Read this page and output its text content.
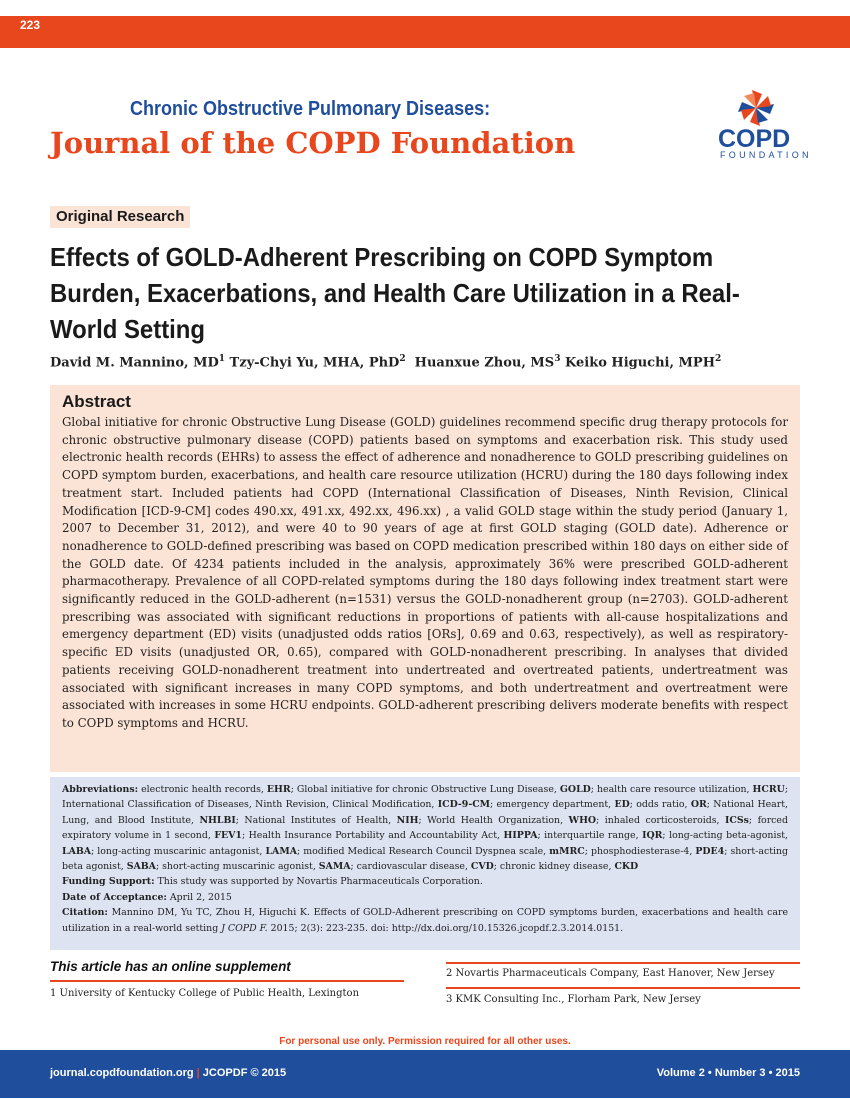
223
Chronic Obstructive Pulmonary Diseases:
Journal of the COPD Foundation	COPD
FOUNDATION
Original Research
Effects of GOLD-Adherent Prescribing on COPD Symptom Burden, Exacerbations, and Health Care Utilization in a Real-World Setting
David M. Mannino, $MD^1$ Tzy-Chyi Yu, MHA, PhD$^2$ Huanxue Zhou, $MS^3$ Keiko Higuchi, MPH$^2$
Abstract

Global initiative for chronic Obstructive Lung Disease (GOLD) guidelines recommend specific drug therapy protocols for chronic obstructive pulmonary disease (COPD) patients based on symptoms and exacerbation risk. This study used electronic health records (EHRs) to assess the effect of adherence and nonadherence to GOLD prescribing guidelines on COPD symptom burden, exacerbations, and health care resource utilization (HCRU) during the 180 days following index treatment start. Included patients had COPD (International Classification of Diseases, Ninth Revision, Clinical Modification [ICD-9-CM] codes 490.xx, 491.xx, 492.xx, 496.xx) , a valid GOLD stage within the study period (January 1, 2007 to December 31, 2012), and were 40 to 90 years of age at first GOLD staging (GOLD date). Adherence or nonadherence to GOLD-defined prescribing was based on COPD medication prescribed within 180 days on either side of the GOLD date. Of 4234 patients included in the analysis, approximately 36% were prescribed GOLD-adherent pharmacotherapy. Prevalence of all COPD-related symptoms during the 180 days following index treatment start were significantly reduced in the GOLD-adherent (n=1531) versus the GOLD-nonadherent group (n=2703). GOLD-adherent prescribing was associated with significant reductions in proportions of patients with all-cause hospitalizations and emergency department (ED) visits (unadjusted odds ratios [ORs], 0.69 and 0.63, respectively), as well as respiratory-specific ED visits (unadjusted OR, 0.65), compared with GOLD-nonadherent prescribing. In analyses that divided patients receiving GOLD-nonadherent treatment into undertreated and overtreated patients, undertreatment was associated with significant increases in many COPD symptoms, and both undertreatment and overtreatment were associated with increases in some HCRU endpoints. GOLD-adherent prescribing delivers moderate benefits with respect to COPD symptoms and HCRU.

Abbreviations: electronic health records, EHR; Global initiative for chronic Obstructive Lung Disease, GOLD; health care resource utilization, HCRU; International Classification of Diseases, Ninth Revision, Clinical Modification, ICD-9-CM; emergency department, ED; odds ratio, OR; National Heart, Lung, and Blood Institute, NHLBI; National Institutes of Health, NIH; World Health Organization, WHO; inhaled corticosteroids, ICSs; forced expiratory volume in 1 second, FEV1; Health Insurance Portability and Accountability Act, HIPPA; interquartile range, IQR; long-acting beta-agonist, LABA; long-acting muscarinic antagonist, LAMA; modified Medical Research Council Dyspnea scale, mMRC; phosphodiesterase-4, PDE4; short-acting beta agonist, SABA; short-acting muscarinic agonist, SAMA; cardiovascular disease, CVD; chronic kidney disease, CKD
Funding Support: This study was supported by Novartis Pharmaceuticals Corporation.
Date of Acceptance: April 2, 2015
Citation: Mannino DM, Yu TC, Zhou H, Higuchi K. Effects of GOLD-Adherent prescribing on COPD symptoms burden, exacerbations and health care utilization in a real-world setting J COPD F. 2015; 2(3): 223-235. doi: http://dx.doi.org/10.15326.jcopdf.2.3.2014.0151.

This article has an online supplement
1 University of Kentucky College of Public Health, Lexington
2 Novartis Pharmaceuticals Company, East Hanover, New Jersey
3 KMK Consulting Inc., Florham Park, New Jersey
For personal use only. Permission required for all other uses.
journal.copdfoundation.org | JCOPDF © 2015	Volume 2 • Number 3 • 2015
